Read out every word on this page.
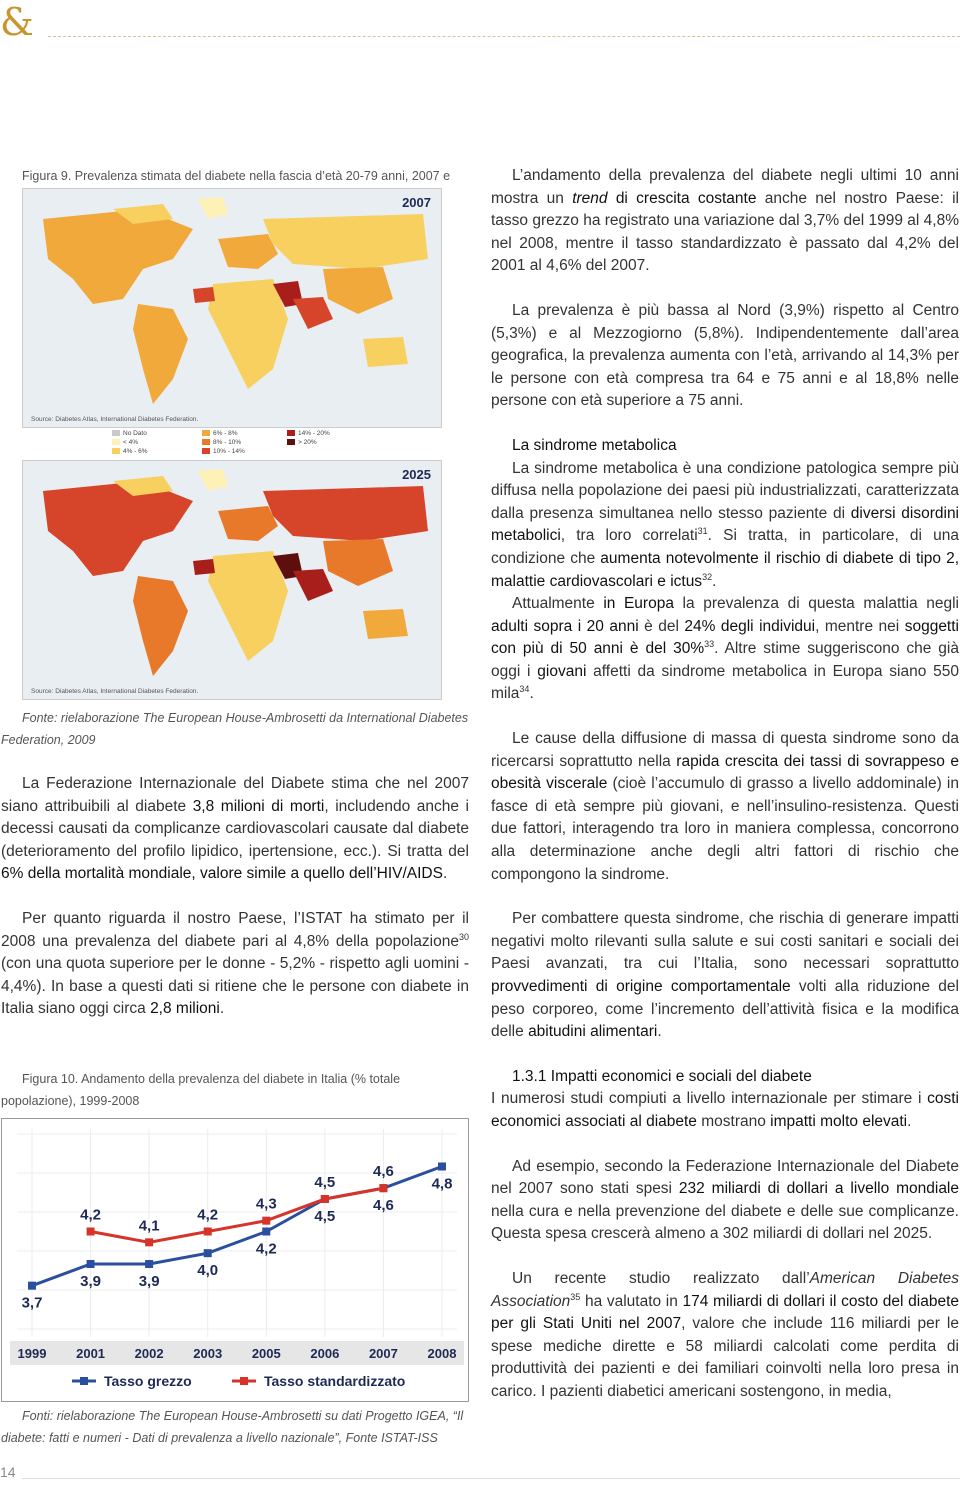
&
Figura 9. Prevalenza stimata del diabete nella fascia d’età 20-79 anni, 2007 e
2007
Source: Diabetes Atlas, International Diabetes Federation.
No Dato
< 4%
4% - 6%
6% - 8%
8% - 10%
10% - 14%
14% - 20%
> 20%
2025
Source: Diabetes Atlas, International Diabetes Federation.
Fonte: rielaborazione The European House-Ambrosetti da International Diabetes Federation, 2009

La Federazione Internazionale del Diabete stima che nel 2007 siano attribuibili al diabete 3,8 milioni di morti, includendo anche i decessi causati da complicanze cardiovascolari causate dal diabete (deterioramento del profilo lipidico, ipertensione, ecc.). Si tratta del 6% della mortalità mondiale, valore simile a quello dell’HIV/AIDS.

Per quanto riguarda il nostro Paese, l’ISTAT ha stimato per il 2008 una prevalenza del diabete pari al 4,8% della popolazione$^{30}$ (con una quota superiore per le donne - 5,2% - rispetto agli uomini - 4,4%). In base a questi dati si ritiene che le persone con diabete in Italia siano oggi circa 2,8 milioni.

Figura 10. Andamento della prevalenza del diabete in Italia (% totale popolazione), 1999-2008
1999 2001 2002 2003 2005 2006 2007 2008
3,7
3,9	3,9
4,0
4,2
4,5
4,6
4,8
4,2
4,1
4,2
4,3
4,5
4,6
Tasso grezzo	Tasso standardizzato
Fonti: rielaborazione The European House-Ambrosetti su dati Progetto IGEA, “Il diabete: fatti e numeri - Dati di prevalenza a livello nazionale”, Fonte ISTAT-ISS

L’andamento della prevalenza del diabete negli ultimi 10 anni mostra un trend di crescita costante anche nel nostro Paese: il tasso grezzo ha registrato una variazione dal 3,7% del 1999 al 4,8% nel 2008, mentre il tasso standardizzato è passato dal 4,2% del 2001 al 4,6% del 2007.

La prevalenza è più bassa al Nord (3,9%) rispetto al Centro (5,3%) e al Mezzogiorno (5,8%). Indipendentemente dall’area geografica, la prevalenza aumenta con l’età, arrivando al 14,3% per le persone con età compresa tra 64 e 75 anni e al 18,8% nelle persone con età superiore a 75 anni.

La sindrome metabolica
La sindrome metabolica è una condizione patologica sempre più diffusa nella popolazione dei paesi più industrializzati, caratterizzata dalla presenza simultanea nello stesso paziente di diversi disordini metabolici, tra loro correlati$^{31}$. Si tratta, in particolare, di una condizione che aumenta notevolmente il rischio di diabete di tipo 2, malattie cardiovascolari e ictus$^{32}$.
Attualmente in Europa la prevalenza di questa malattia negli adulti sopra i 20 anni è del 24% degli individui, mentre nei soggetti con più di 50 anni è del 30%$^{33}$. Altre stime suggeriscono che già oggi i giovani affetti da sindrome metabolica in Europa siano 550 mila$^{34}$.

Le cause della diffusione di massa di questa sindrome sono da ricercarsi soprattutto nella rapida crescita dei tassi di sovrappeso e obesità viscerale (cioè l’accumulo di grasso a livello addominale) in fasce di età sempre più giovani, e nell’insulino-resistenza. Questi due fattori, interagendo tra loro in maniera complessa, concorrono alla determinazione anche degli altri fattori di rischio che compongono la sindrome.

Per combattere questa sindrome, che rischia di generare impatti negativi molto rilevanti sulla salute e sui costi sanitari e sociali dei Paesi avanzati, tra cui l’Italia, sono necessari soprattutto provvedimenti di origine comportamentale volti alla riduzione del peso corporeo, come l’incremento dell’attività fisica e la modifica delle abitudini alimentari.

1.3.1 Impatti economici e sociali del diabete
I numerosi studi compiuti a livello internazionale per stimare i costi economici associati al diabete mostrano impatti molto elevati.

Ad esempio, secondo la Federazione Internazionale del Diabete nel 2007 sono stati spesi 232 miliardi di dollari a livello mondiale nella cura e nella prevenzione del diabete e delle sue complicanze. Questa spesa crescerà almeno a 302 miliardi di dollari nel 2025.

Un recente studio realizzato dall’American Diabetes Association$^{35}$ ha valutato in 174 miliardi di dollari il costo del diabete per gli Stati Uniti nel 2007, valore che include 116 miliardi per le spese mediche dirette e 58 miliardi calcolati come perdita di produttività dei pazienti e dei familiari coinvolti nella loro presa in carico. I pazienti diabetici americani sostengono, in media,

14
